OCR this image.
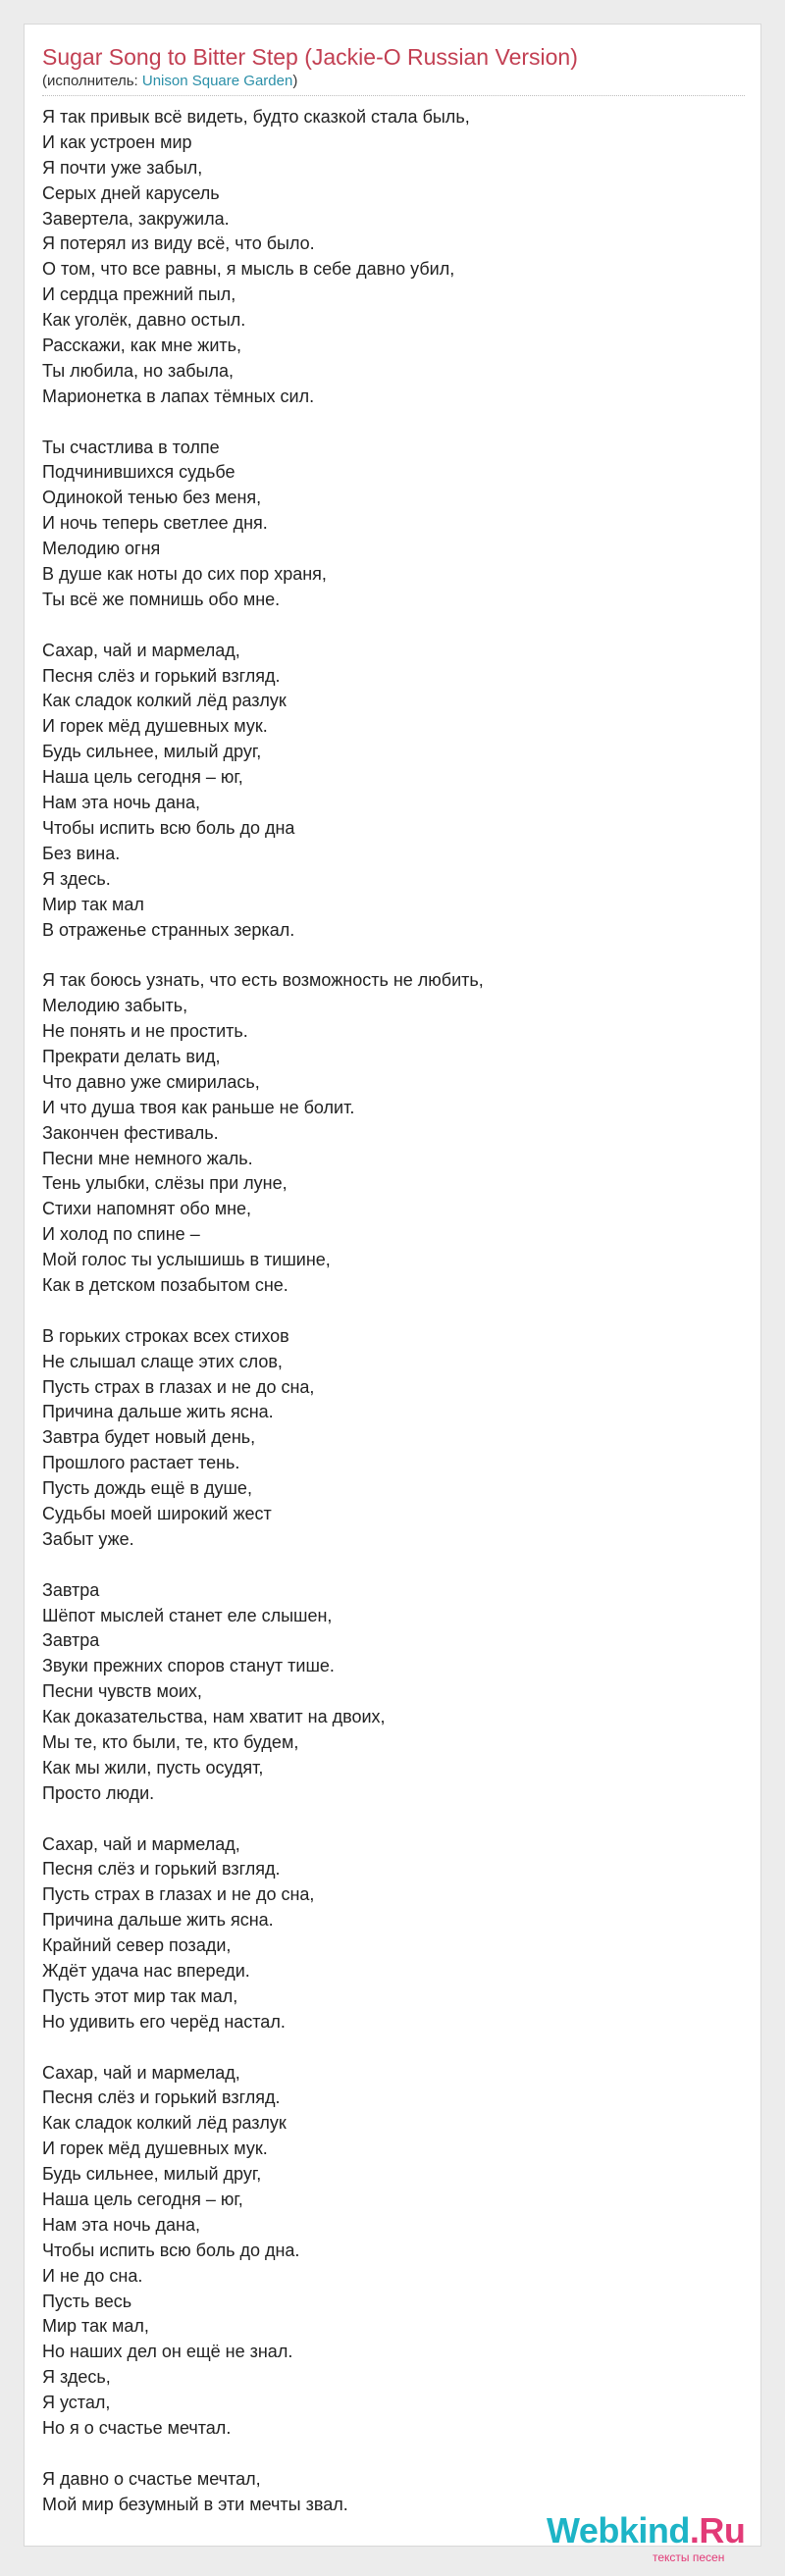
Sugar Song to Bitter Step (Jackie-O Russian Version)
(исполнитель: Unison Square Garden)
Я так привык всё видеть, будто сказкой стала быль,
И как устроен мир
Я почти уже забыл,
Серых дней карусель
Завертела, закружила.
Я потерял из виду всё, что было.
О том, что все равны, я мысль в себе давно убил,
И сердца прежний пыл,
Как уголёк, давно остыл.
Расскажи, как мне жить,
Ты любила, но забыла,
Марионетка в лапах тёмных сил.
Ты счастлива в толпе
Подчинившихся судьбе
Одинокой тенью без меня,
И ночь теперь светлее дня.
Мелодию огня
В душе как ноты до сих пор храня,
Ты всё же помнишь обо мне.
Сахар, чай и мармелад,
Песня слёз и горький взгляд.
Как сладок колкий лёд разлук
И горек мёд душевных мук.
Будь сильнее, милый друг,
Наша цель сегодня – юг,
Нам эта ночь дана,
Чтобы испить всю боль до дна
Без вина.
Я здесь.
Мир так мал
В отраженье странных зеркал.
Я так боюсь узнать, что есть возможность не любить,
Мелодию забыть,
Не понять и не простить.
Прекрати делать вид,
Что давно уже смирилась,
И что душа твоя как раньше не болит.
Закончен фестиваль.
Песни мне немного жаль.
Тень улыбки, слёзы при луне,
Стихи напомнят обо мне,
И холод по спине –
Мой голос ты услышишь в тишине,
Как в детском позабытом сне.
В горьких строках всех стихов
Не слышал слаще этих слов,
Пусть страх в глазах и не до сна,
Причина дальше жить ясна.
Завтра будет новый день,
Прошлого растает тень.
Пусть дождь ещё в душе,
Судьбы моей широкий жест
Забыт уже.
Завтра
Шёпот мыслей станет еле слышен,
Завтра
Звуки прежних споров станут тише.
Песни чувств моих,
Как доказательства, нам хватит на двоих,
Мы те, кто были, те, кто будем,
Как мы жили, пусть осудят,
Просто люди.
Сахар, чай и мармелад,
Песня слёз и горький взгляд.
Пусть страх в глазах и не до сна,
Причина дальше жить ясна.
Крайний север позади,
Ждёт удача нас впереди.
Пусть этот мир так мал,
Но удивить его черёд настал.
Сахар, чай и мармелад,
Песня слёз и горький взгляд.
Как сладок колкий лёд разлук
И горек мёд душевных мук.
Будь сильнее, милый друг,
Наша цель сегодня – юг,
Нам эта ночь дана,
Чтобы испить всю боль до дна.
И не до сна.
Пусть весь
Мир так мал,
Но наших дел он ещё не знал.
Я здесь,
Я устал,
Но я о счастье мечтал.
Я давно о счастье мечтал,
Мой мир безумный в эти мечты звал.
Webkind.Ru
тексты песен
